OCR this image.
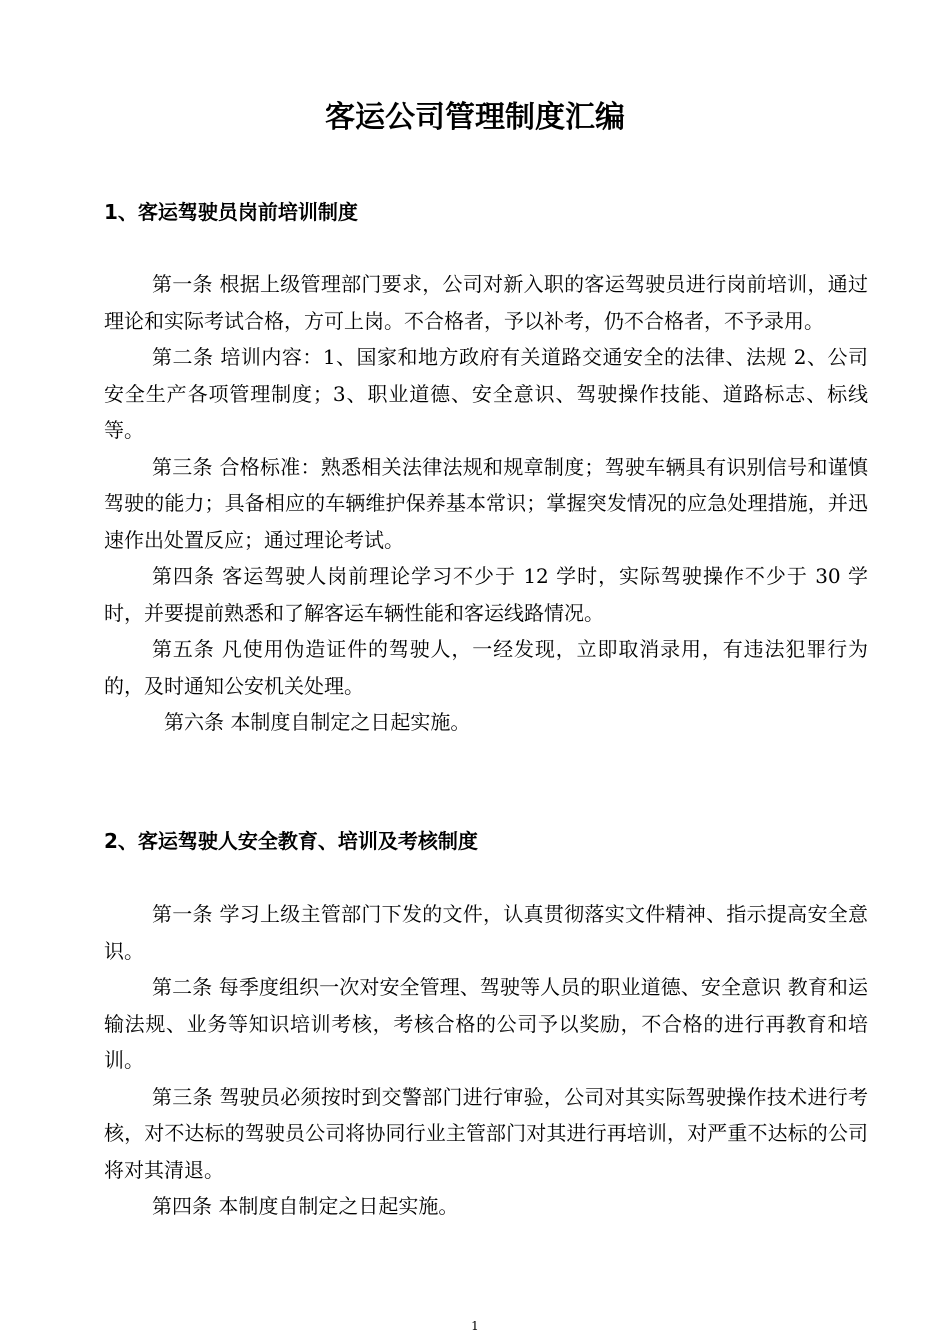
客运公司管理制度汇编
1、客运驾驶员岗前培训制度

第一条 根据上级管理部门要求，公司对新入职的客运驾驶员进行岗前培训，通过理论和实际考试合格，方可上岗。不合格者，予以补考，仍不合格者，不予录用。

第二条 培训内容：1、国家和地方政府有关道路交通安全的法律、法规 2、公司安全生产各项管理制度；3、职业道德、安全意识、驾驶操作技能、道路标志、标线等。

第三条 合格标准：熟悉相关法律法规和规章制度；驾驶车辆具有识别信号和谨慎驾驶的能力；具备相应的车辆维护保养基本常识；掌握突发情况的应急处理措施，并迅速作出处置反应；通过理论考试。

第四条 客运驾驶人岗前理论学习不少于 12 学时，实际驾驶操作不少于 30 学时，并要提前熟悉和了解客运车辆性能和客运线路情况。

第五条 凡使用伪造证件的驾驶人，一经发现，立即取消录用，有违法犯罪行为的，及时通知公安机关处理。

第六条 本制度自制定之日起实施。

2、客运驾驶人安全教育、培训及考核制度

第一条 学习上级主管部门下发的文件，认真贯彻落实文件精神、指示提高安全意识。

第二条 每季度组织一次对安全管理、驾驶等人员的职业道德、安全意识 教育和运输法规、业务等知识培训考核，考核合格的公司予以奖励，不合格的进行再教育和培训。

第三条 驾驶员必须按时到交警部门进行审验，公司对其实际驾驶操作技术进行考核，对不达标的驾驶员公司将协同行业主管部门对其进行再培训，对严重不达标的公司将对其清退。

第四条 本制度自制定之日起实施。

1
